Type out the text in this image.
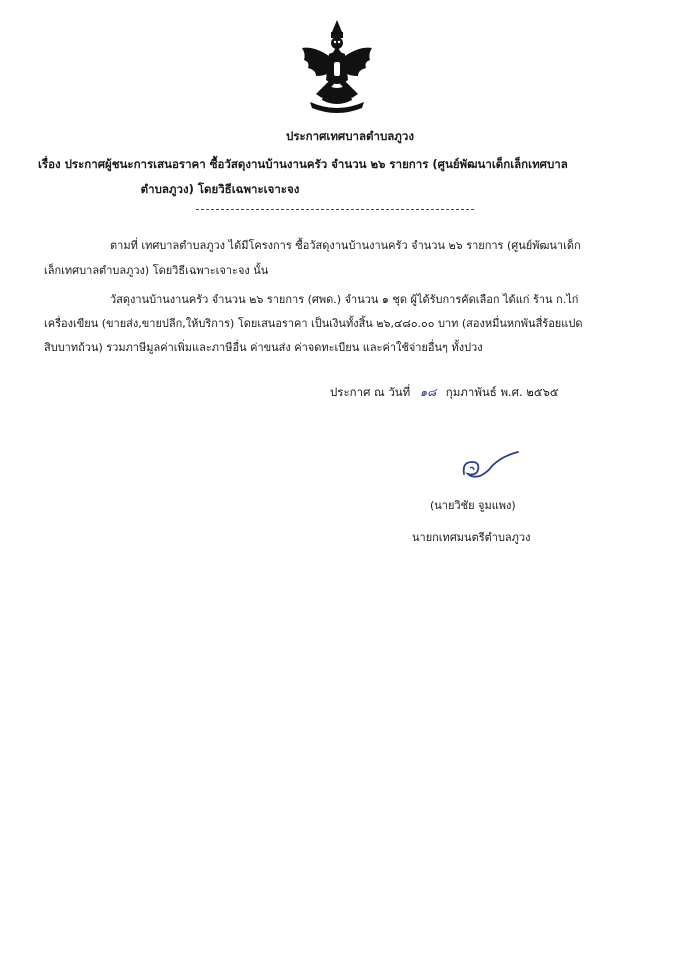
ประกาศเทศบาลตำบลภูวง
เรื่อง ประกาศผู้ชนะการเสนอราคา ซื้อวัสดุงานบ้านงานครัว จำนวน ๒๖ รายการ (ศูนย์พัฒนาเด็กเล็กเทศบาล
ตำบลภูวง) โดยวิธีเฉพาะเจาะจง
ตามที่ เทศบาลตำบลภูวง ได้มีโครงการ ซื้อวัสดุงานบ้านงานครัว จำนวน ๒๖ รายการ (ศูนย์พัฒนาเด็ก
เล็กเทศบาลตำบลภูวง) โดยวิธีเฉพาะเจาะจง นั้น
วัสดุงานบ้านงานครัว จำนวน ๒๖ รายการ (ศพด.) จำนวน ๑ ชุด ผู้ได้รับการคัดเลือก ได้แก่ ร้าน ก.ไก่
เครื่องเขียน (ขายส่ง,ขายปลีก,ให้บริการ) โดยเสนอราคา เป็นเงินทั้งสิ้น ๒๖,๔๘๐.๐๐ บาท (สองหมื่นหกพันสี่ร้อยแปด
สิบบาทถ้วน) รวมภาษีมูลค่าเพิ่มและภาษีอื่น ค่าขนส่ง ค่าจดทะเบียน และค่าใช้จ่ายอื่นๆ ทั้งปวง
ประกาศ ณ วันที่ ๑๘ กุมภาพันธ์ พ.ศ. ๒๕๖๕
(นายวิชัย จูมแพง)
นายกเทศมนตรีตำบลภูวง
